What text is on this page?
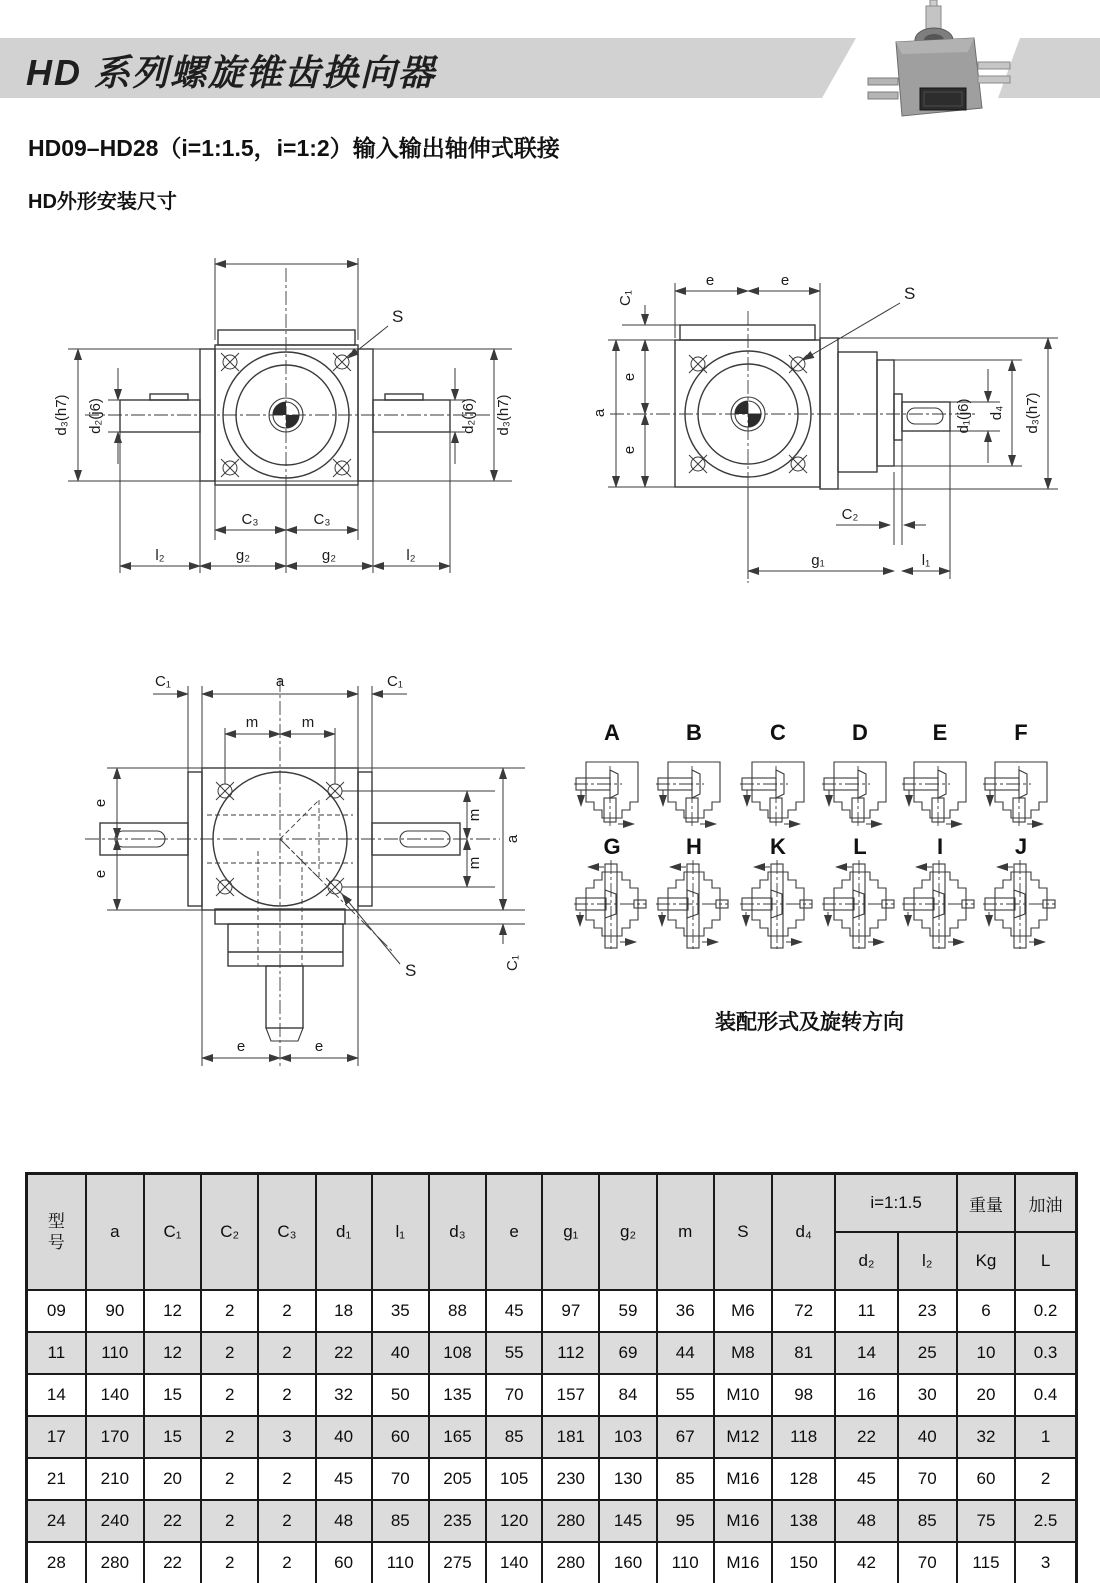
HD 系列螺旋锥齿换向器
HD09–HD28（i=1:1.5，i=1:2）输入输出轴伸式联接
HD外形安装尺寸
d₃(h7) d₂(j6)	d₂(j6) d₃(h7)
S
C₃	C₃
l₂	g₂	g₂	l₂
C₁
e	e
S
a
e
e
d₁(j6) d₄ d₃(h7)
C₂
g₁	l₁
C₁	a	C₁
m	m
e
e
m
m
a
C₁
e	e
S
A	B	C	D	E	F
G	H	K	L	I	J
装配形式及旋转方向
型号	a	C₁	C₂	C₃	d₁	l₁	d₃	e	g₁	g₂	m	S	d₄	i=1:1.5		重量	加油
														d₂	l₂	Kg	L
09	90	12	2	2	18	35	88	45	97	59	36	M6	72	11	23	6	0.2
11	110	12	2	2	22	40	108	55	112	69	44	M8	81	14	25	10	0.3
14	140	15	2	2	32	50	135	70	157	84	55	M10	98	16	30	20	0.4
17	170	15	2	3	40	60	165	85	181	103	67	M12	118	22	40	32	1
21	210	20	2	2	45	70	205	105	230	130	85	M16	128	45	70	60	2
24	240	22	2	2	48	85	235	120	280	145	95	M16	138	48	85	75	2.5
28	280	22	2	2	60	110	275	140	280	160	110	M16	150	42	70	115	3
